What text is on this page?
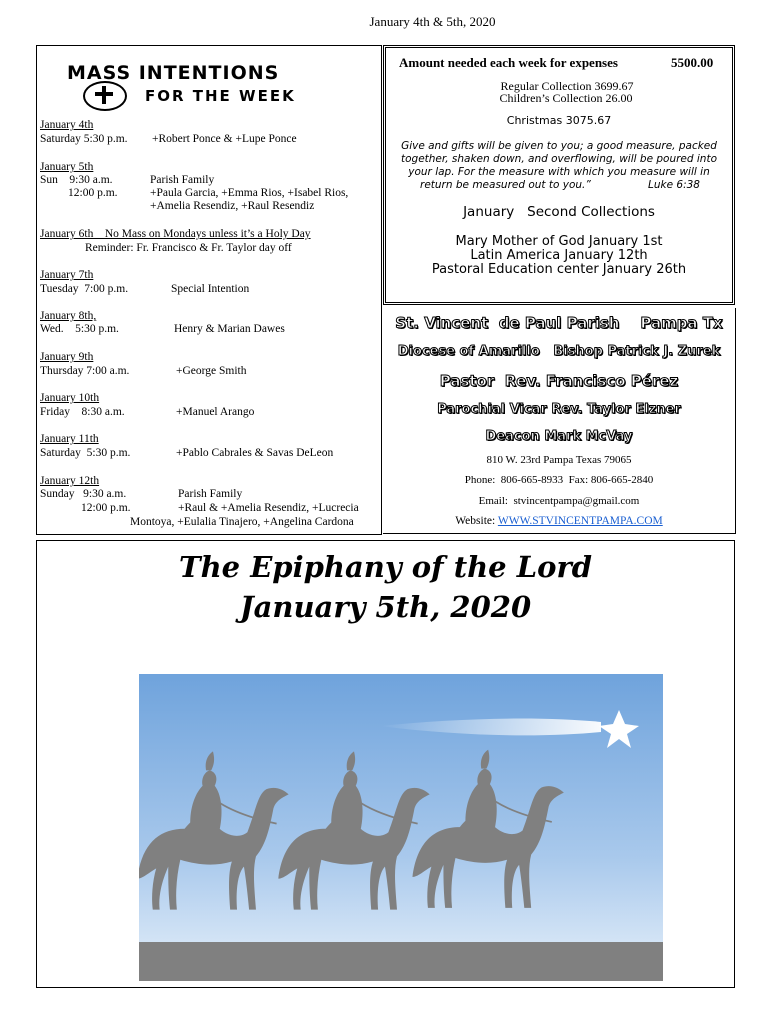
January 4th & 5th, 2020
MASS INTENTIONS
FOR THE WEEK
January 4th
Saturday 5:30 p.m. +Robert Ponce & +Lupe Ponce
January 5th
Sun    9:30 a.m.	Parish Family
12:00 p.m.	+Paula Garcia, +Emma Rios, +Isabel Rios,
+Amelia Resendiz, +Raul Resendiz
January 6th    No Mass on Mondays unless it’s a Holy Day
Reminder: Fr. Francisco & Fr. Taylor day off
January 7th
Tuesday  7:00 p.m.	Special Intention
January 8th,
Wed.    5:30 p.m.	Henry & Marian Dawes
January 9th
Thursday 7:00 a.m.	+George Smith
January 10th
Friday    8:30 a.m.	+Manuel Arango
January 11th
Saturday  5:30 p.m.	+Pablo Cabrales & Savas DeLeon
January 12th
Sunday   9:30 a.m.	Parish Family
12:00 p.m.	+Raul & +Amelia Resendiz, +Lucrecia
Montoya, +Eulalia Tinajero, +Angelina Cardona
Amount needed each week for expenses	5500.00
Regular Collection 3699.67
Children’s Collection 26.00
Christmas 3075.67
Give and gifts will be given to you; a good measure, packed
together, shaken down, and overflowing, will be poured into
your lap. For the measure with which you measure will in
return be measured out to you.”	Luke 6:38
January   Second Collections
Mary Mother of God January 1st
Latin America January 12th
Pastoral Education center January 26th
St. Vincent  de Paul Parish    Pampa Tx
Diocese of Amarillo   Bishop Patrick J. Zurek
Pastor  Rev. Francisco Pérez
Parochial Vicar Rev. Taylor Elzner
Deacon Mark McVay
810 W. 23rd Pampa Texas 79065
Phone:  806-665-8933  Fax: 806-665-2840
Email:  stvincentpampa@gmail.com
Website: WWW.STVINCENTPAMPA.COM
The Epiphany of the Lord
January 5th, 2020
